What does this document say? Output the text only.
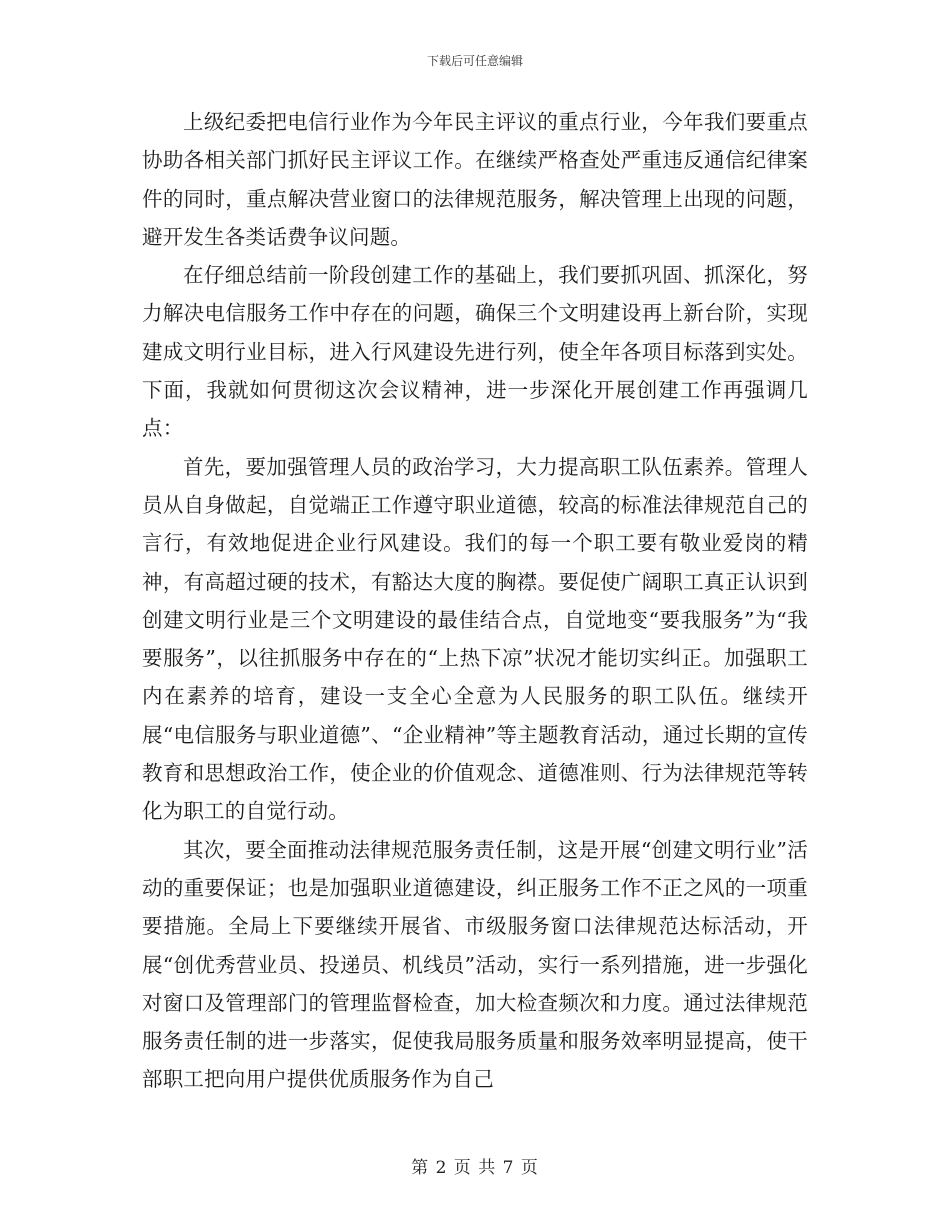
下载后可任意编辑

上级纪委把电信行业作为今年民主评议的重点行业，今年我们要重点协助各相关部门抓好民主评议工作。在继续严格查处严重违反通信纪律案件的同时，重点解决营业窗口的法律规范服务，解决管理上出现的问题，避开发生各类话费争议问题。

在仔细总结前一阶段创建工作的基础上，我们要抓巩固、抓深化，努力解决电信服务工作中存在的问题，确保三个文明建设再上新台阶，实现建成文明行业目标，进入行风建设先进行列，使全年各项目标落到实处。下面，我就如何贯彻这次会议精神，进一步深化开展创建工作再强调几点：

首先，要加强管理人员的政治学习，大力提高职工队伍素养。管理人员从自身做起，自觉端正工作遵守职业道德，较高的标准法律规范自己的言行，有效地促进企业行风建设。我们的每一个职工要有敬业爱岗的精神，有高超过硬的技术，有豁达大度的胸襟。要促使广阔职工真正认识到创建文明行业是三个文明建设的最佳结合点，自觉地变“要我服务”为“我要服务”，以往抓服务中存在的“上热下凉”状况才能切实纠正。加强职工内在素养的培育，建设一支全心全意为人民服务的职工队伍。继续开展“电信服务与职业道德”、“企业精神”等主题教育活动，通过长期的宣传教育和思想政治工作，使企业的价值观念、道德准则、行为法律规范等转化为职工的自觉行动。

其次，要全面推动法律规范服务责任制，这是开展“创建文明行业”活动的重要保证；也是加强职业道德建设，纠正服务工作不正之风的一项重要措施。全局上下要继续开展省、市级服务窗口法律规范达标活动，开展“创优秀营业员、投递员、机线员”活动，实行一系列措施，进一步强化对窗口及管理部门的管理监督检查，加大检查频次和力度。通过法律规范服务责任制的进一步落实，促使我局服务质量和服务效率明显提高，使干部职工把向用户提供优质服务作为自己

第 2 页 共 7 页
